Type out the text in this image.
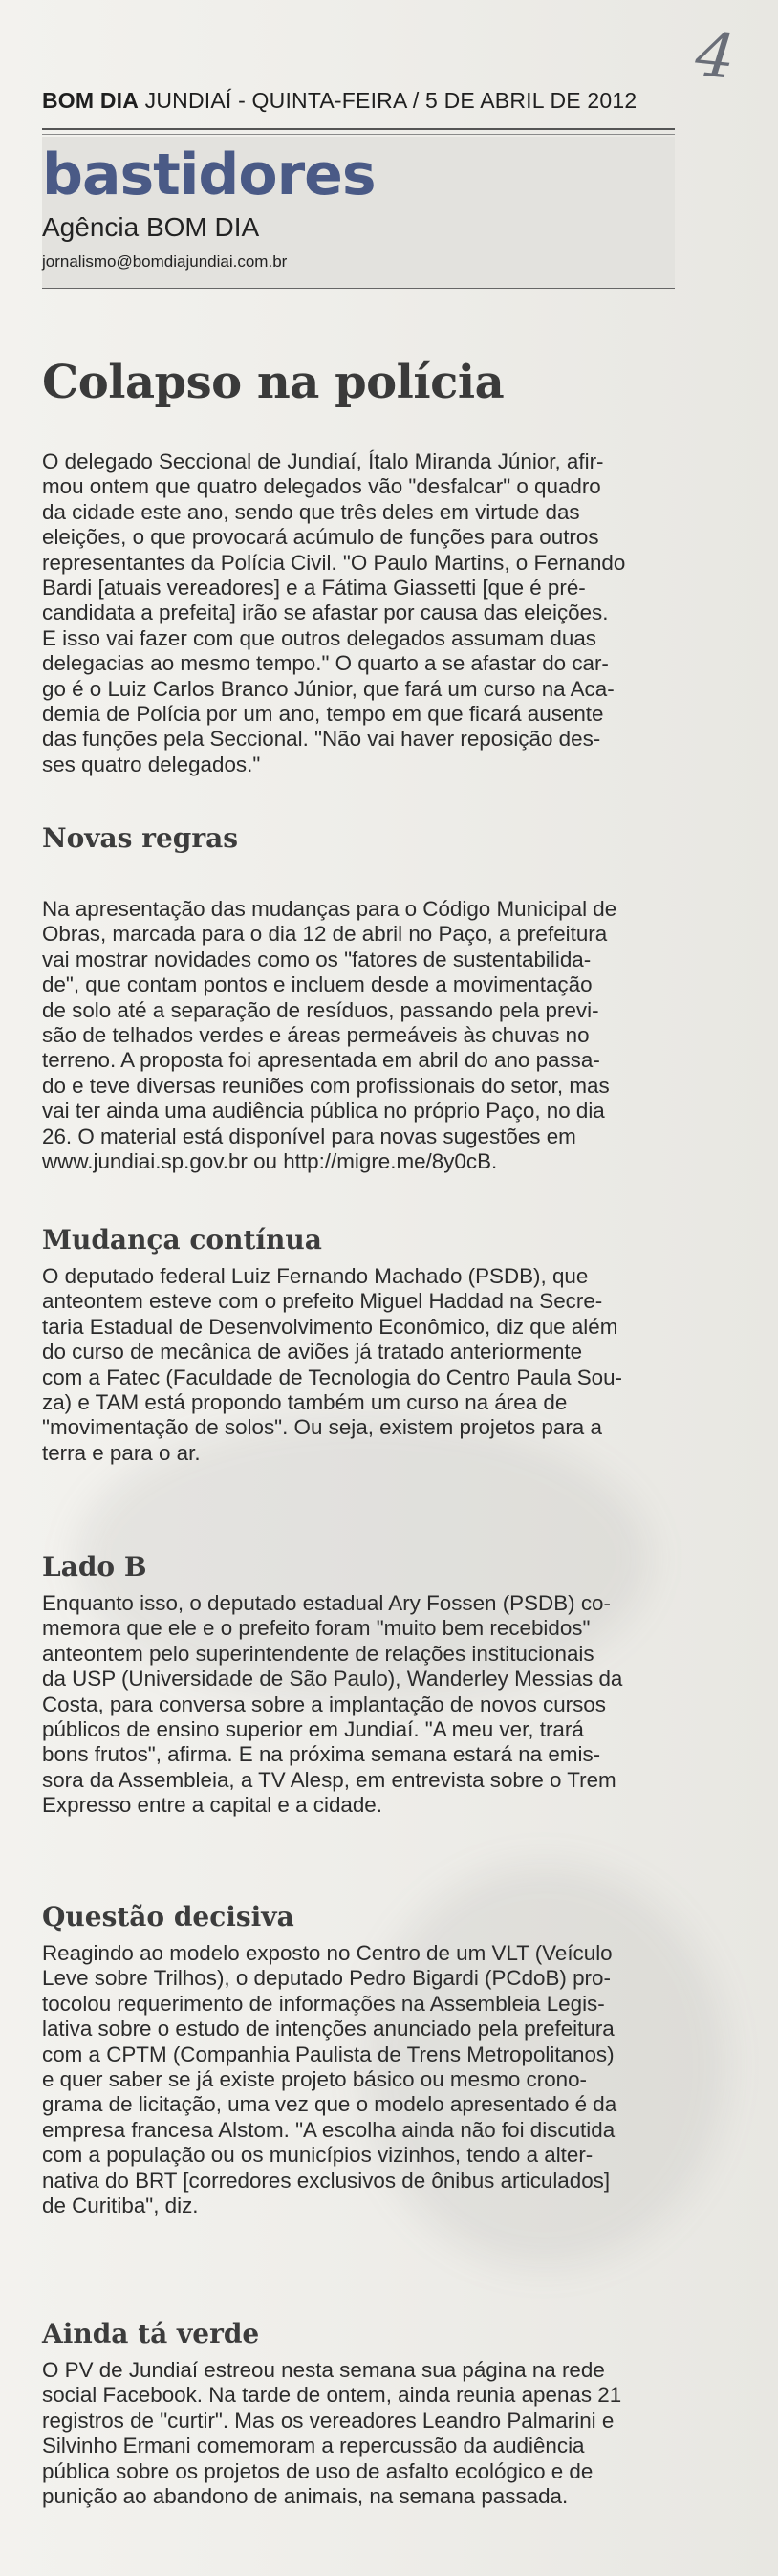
4
BOM DIA JUNDIAÍ - QUINTA-FEIRA / 5 DE ABRIL DE 2012
bastidores
Agência BOM DIA
jornalismo@bomdiajundiai.com.br
Colapso na polícia
O delegado Seccional de Jundiaí, Ítalo Miranda Júnior, afir-
mou ontem que quatro delegados vão "desfalcar" o quadro
da cidade este ano, sendo que três deles em virtude das
eleições, o que provocará acúmulo de funções para outros
representantes da Polícia Civil. "O Paulo Martins, o Fernando
Bardi [atuais vereadores] e a Fátima Giassetti [que é pré-
candidata a prefeita] irão se afastar por causa das eleições.
E isso vai fazer com que outros delegados assumam duas
delegacias ao mesmo tempo." O quarto a se afastar do car-
go é o Luiz Carlos Branco Júnior, que fará um curso na Aca-
demia de Polícia por um ano, tempo em que ficará ausente
das funções pela Seccional. "Não vai haver reposição des-
ses quatro delegados."
Novas regras
Na apresentação das mudanças para o Código Municipal de
Obras, marcada para o dia 12 de abril no Paço, a prefeitura
vai mostrar novidades como os "fatores de sustentabilida-
de", que contam pontos e incluem desde a movimentação
de solo até a separação de resíduos, passando pela previ-
são de telhados verdes e áreas permeáveis às chuvas no
terreno. A proposta foi apresentada em abril do ano passa-
do e teve diversas reuniões com profissionais do setor, mas
vai ter ainda uma audiência pública no próprio Paço, no dia
26. O material está disponível para novas sugestões em
www.jundiai.sp.gov.br ou http://migre.me/8y0cB.
Mudança contínua
O deputado federal Luiz Fernando Machado (PSDB), que
anteontem esteve com o prefeito Miguel Haddad na Secre-
taria Estadual de Desenvolvimento Econômico, diz que além
do curso de mecânica de aviões já tratado anteriormente
com a Fatec (Faculdade de Tecnologia do Centro Paula Sou-
za) e TAM está propondo também um curso na área de
"movimentação de solos". Ou seja, existem projetos para a
terra e para o ar.
Lado B
Enquanto isso, o deputado estadual Ary Fossen (PSDB) co-
memora que ele e o prefeito foram "muito bem recebidos"
anteontem pelo superintendente de relações institucionais
da USP (Universidade de São Paulo), Wanderley Messias da
Costa, para conversa sobre a implantação de novos cursos
públicos de ensino superior em Jundiaí. "A meu ver, trará
bons frutos", afirma. E na próxima semana estará na emis-
sora da Assembleia, a TV Alesp, em entrevista sobre o Trem
Expresso entre a capital e a cidade.
Questão decisiva
Reagindo ao modelo exposto no Centro de um VLT (Veículo
Leve sobre Trilhos), o deputado Pedro Bigardi (PCdoB) pro-
tocolou requerimento de informações na Assembleia Legis-
lativa sobre o estudo de intenções anunciado pela prefeitura
com a CPTM (Companhia Paulista de Trens Metropolitanos)
e quer saber se já existe projeto básico ou mesmo crono-
grama de licitação, uma vez que o modelo apresentado é da
empresa francesa Alstom. "A escolha ainda não foi discutida
com a população ou os municípios vizinhos, tendo a alter-
nativa do BRT [corredores exclusivos de ônibus articulados]
de Curitiba", diz.
Ainda tá verde
O PV de Jundiaí estreou nesta semana sua página na rede
social Facebook. Na tarde de ontem, ainda reunia apenas 21
registros de "curtir". Mas os vereadores Leandro Palmarini e
Silvinho Ermani comemoram a repercussão da audiência
pública sobre os projetos de uso de asfalto ecológico e de
punição ao abandono de animais, na semana passada.
